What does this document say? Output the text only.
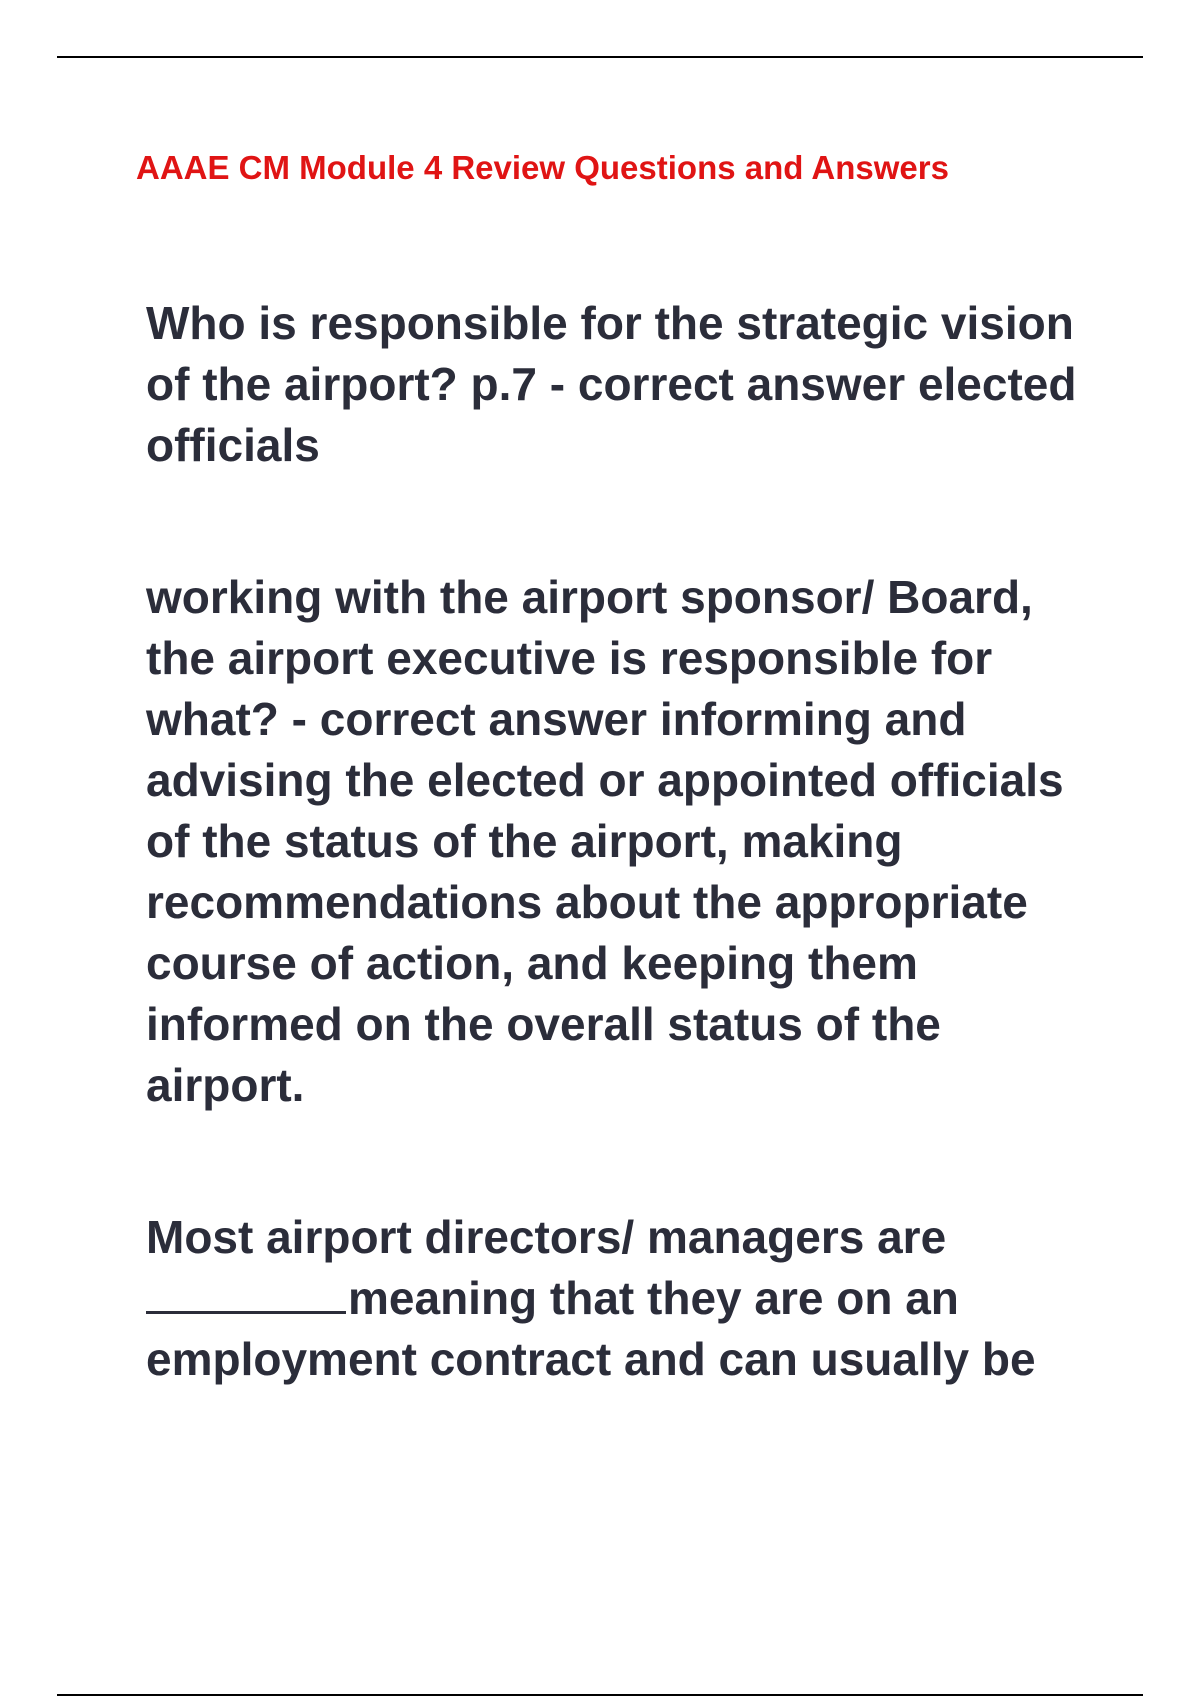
AAAE CM Module 4 Review Questions and Answers

Who is responsible for the strategic vision of the airport? p.7 - correct answer elected officials

working with the airport sponsor/ Board, the airport executive is responsible for what? - correct answer informing and advising the elected or appointed officials of the status of the airport, making recommendations about the appropriate course of action, and keeping them informed on the overall status of the airport.

Most airport directors/ managers are meaning that they are on an employment contract and can usually be
